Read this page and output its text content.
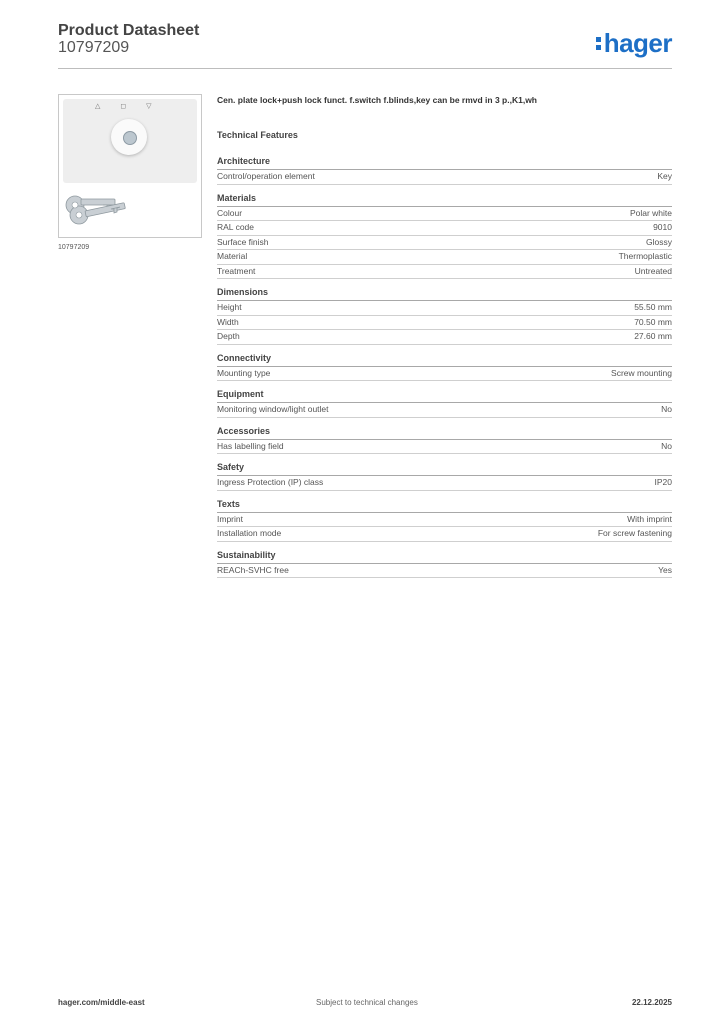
Product Datasheet
10797209	hager
△ ◻ ▽
10797209
Cen. plate lock+push lock funct. f.switch f.blinds,key can be rmvd in 3 p.,K1,wh
Technical Features
Architecture
Control/operation element	Key
Materials
Colour	Polar white
RAL code	9010
Surface finish	Glossy
Material	Thermoplastic
Treatment	Untreated
Dimensions
Height	55.50 mm
Width	70.50 mm
Depth	27.60 mm
Connectivity
Mounting type	Screw mounting
Equipment
Monitoring window/light outlet	No
Accessories
Has labelling field	No
Safety
Ingress Protection (IP) class	IP20
Texts
Imprint	With imprint
Installation mode	For screw fastening
Sustainability
REACh-SVHC free	Yes
hager.com/middle-east	Subject to technical changes	22.12.2025
